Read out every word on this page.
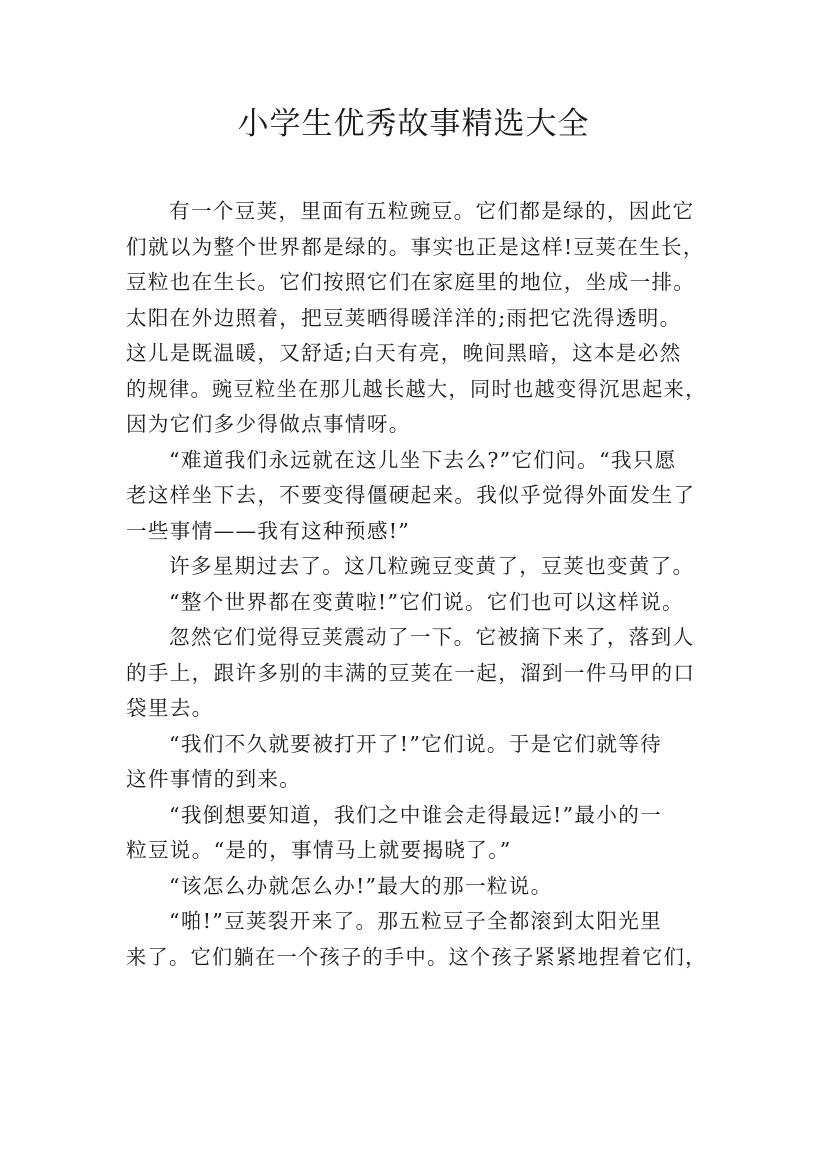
小学生优秀故事精选大全

有一个豆荚，里面有五粒豌豆。它们都是绿的，因此它

们就以为整个世界都是绿的。事实也正是这样!豆荚在生长，

豆粒也在生长。它们按照它们在家庭里的地位，坐成一排。

太阳在外边照着，把豆荚晒得暖洋洋的;雨把它洗得透明。

这儿是既温暖，又舒适;白天有亮，晚间黑暗，这本是必然

的规律。豌豆粒坐在那儿越长越大，同时也越变得沉思起来，

因为它们多少得做点事情呀。

“难道我们永远就在这儿坐下去么?”它们问。“我只愿

老这样坐下去，不要变得僵硬起来。我似乎觉得外面发生了

一些事情——我有这种预感!”

许多星期过去了。这几粒豌豆变黄了，豆荚也变黄了。

“整个世界都在变黄啦!”它们说。它们也可以这样说。

忽然它们觉得豆荚震动了一下。它被摘下来了，落到人

的手上，跟许多别的丰满的豆荚在一起，溜到一件马甲的口

袋里去。

“我们不久就要被打开了!”它们说。于是它们就等待

这件事情的到来。

“我倒想要知道，我们之中谁会走得最远!”最小的一

粒豆说。“是的，事情马上就要揭晓了。”

“该怎么办就怎么办!”最大的那一粒说。

“啪!”豆荚裂开来了。那五粒豆子全都滚到太阳光里

来了。它们躺在一个孩子的手中。这个孩子紧紧地捏着它们，
